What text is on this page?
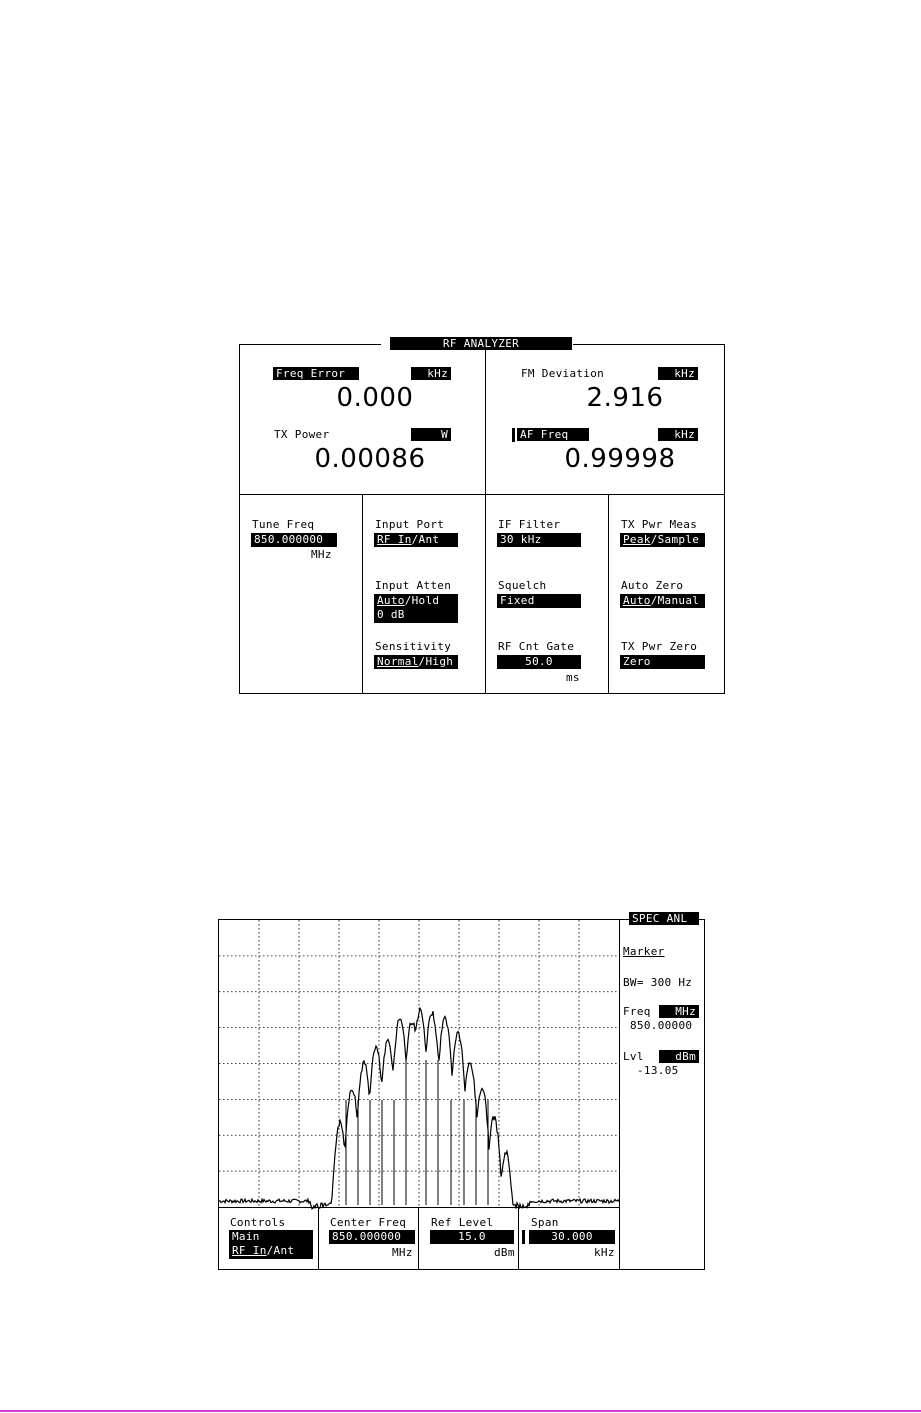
RF ANALYZER
Freq Error	kHz
0.000
FM Deviation	kHz
2.916
TX Power	W
0.00086
AF Freq	kHz
0.99998
Tune Freq
850.000000
MHz
Input Port
RF In/Ant
Input Atten
Auto/Hold
0 dB
Sensitivity
Normal/High
IF Filter
30 kHz
Squelch
Fixed
RF Cnt Gate
50.0
ms
TX Pwr Meas
Peak/Sample
Auto Zero
Auto/Manual
TX Pwr Zero
Zero
SPEC ANL
Marker
BW= 300 Hz
Freq	MHz
850.00000
Lvl	dBm
-13.05
Controls
Main
RF In/Ant
Center Freq
850.000000
MHz
Ref Level
15.0
dBm
Span
30.000
kHz
